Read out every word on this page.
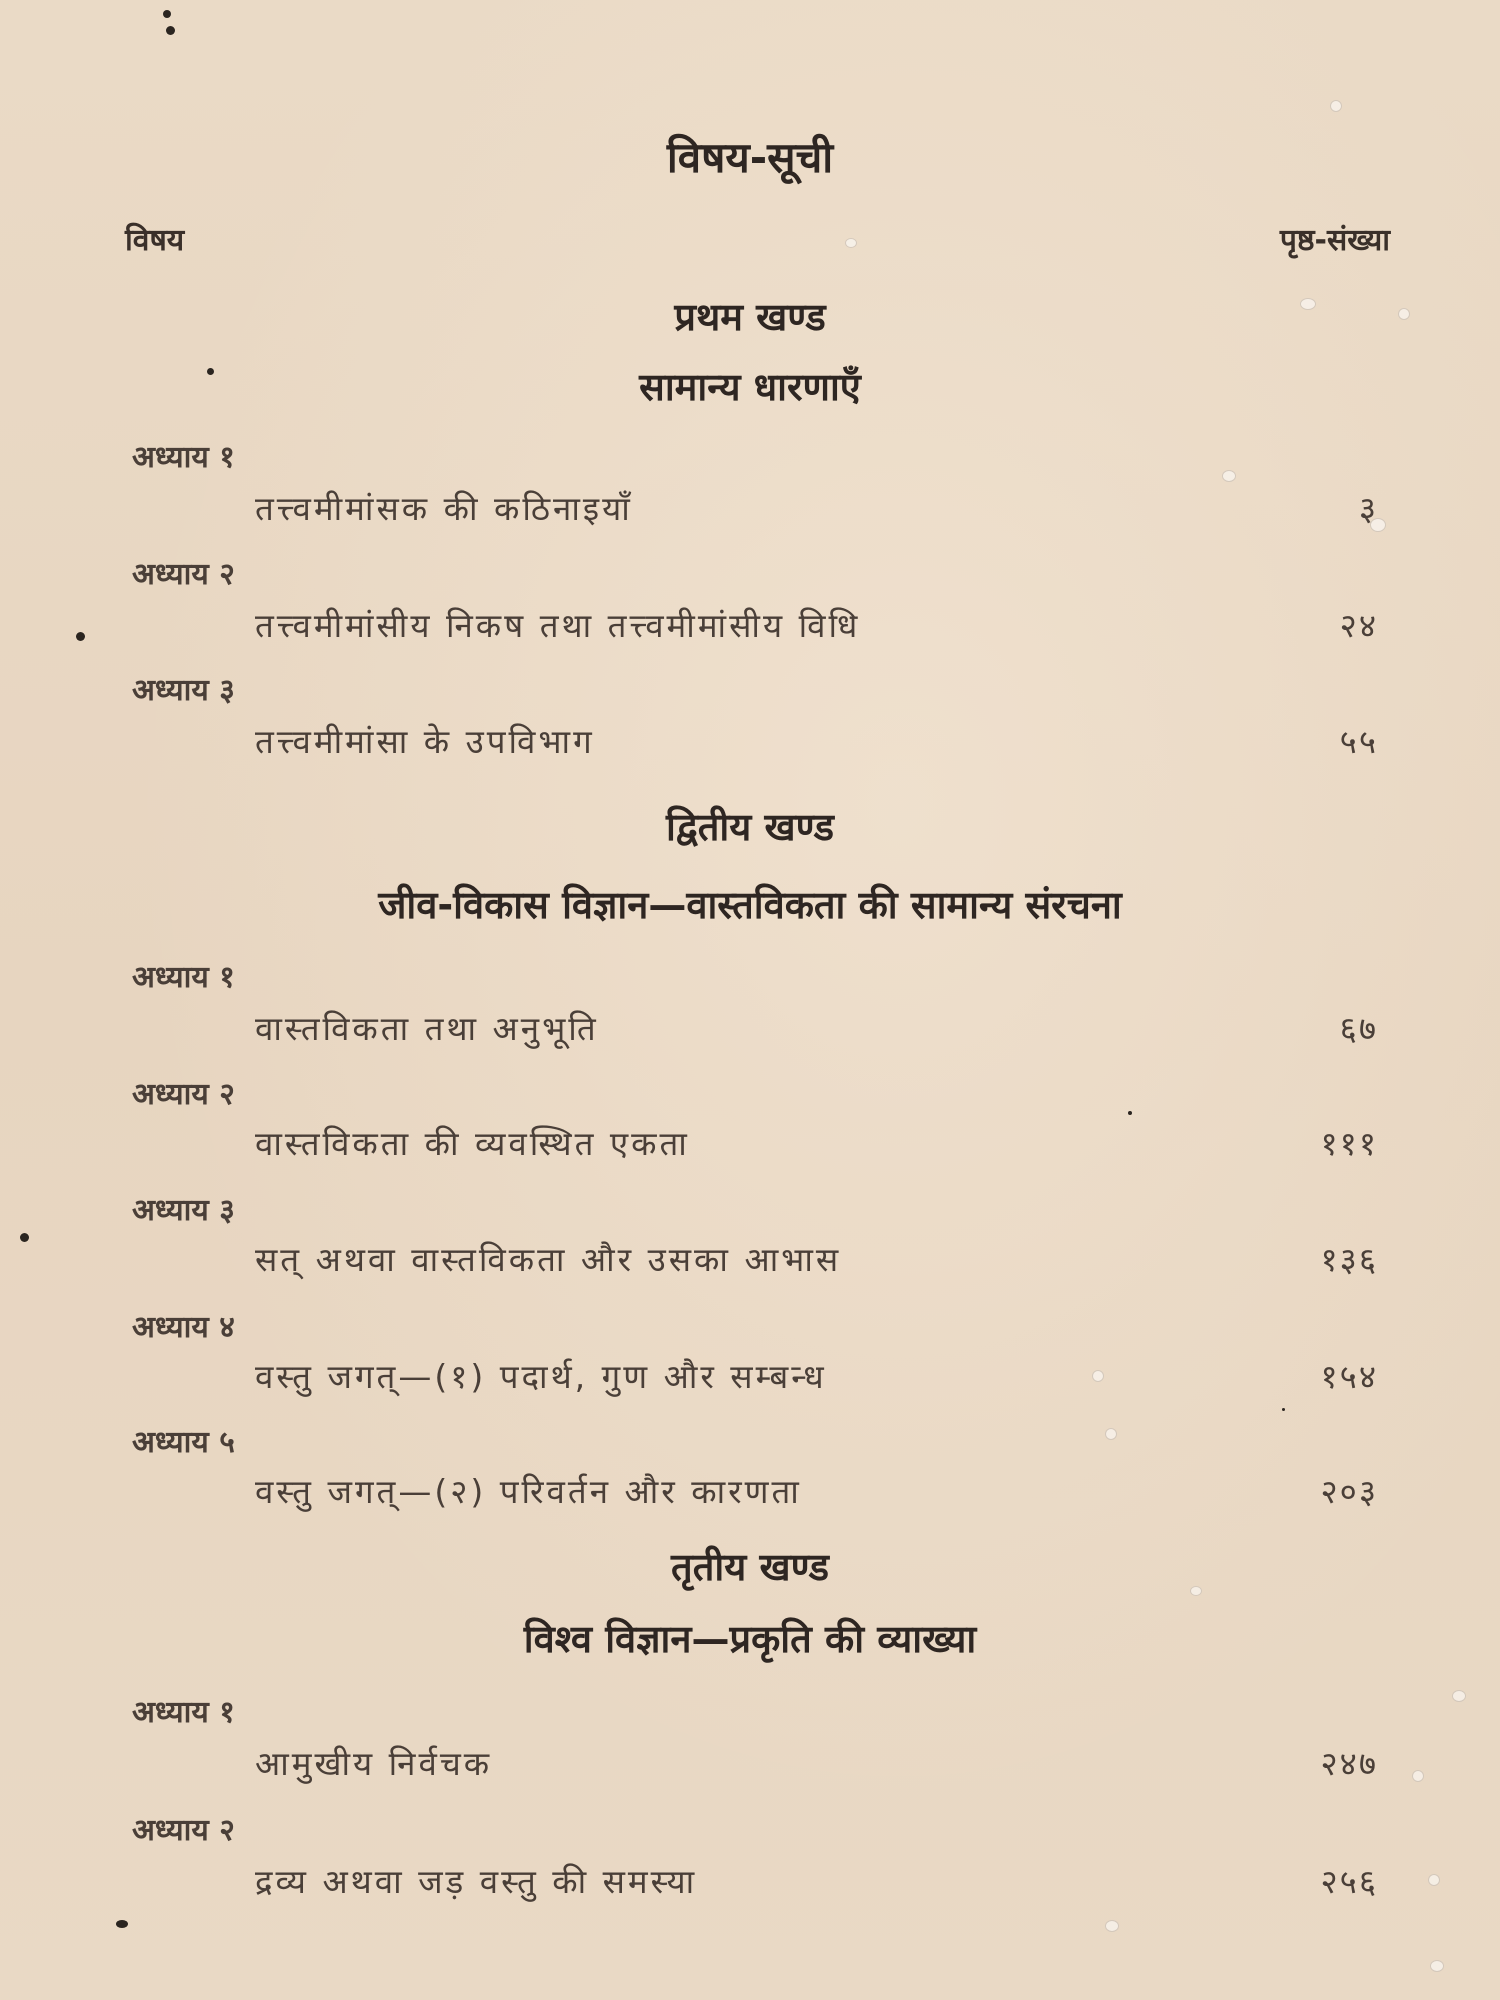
विषय-सूची
विषय	पृष्ठ-संख्या
प्रथम खण्ड
सामान्य धारणाएँ
अध्याय १
तत्त्वमीमांसक की कठिनाइयाँ	३
अध्याय २
तत्त्वमीमांसीय निकष तथा तत्त्वमीमांसीय विधि	२४
अध्याय ३
तत्त्वमीमांसा के उपविभाग	५५
द्वितीय खण्ड
जीव-विकास विज्ञान—वास्तविकता की सामान्य संरचना
अध्याय १
वास्तविकता तथा अनुभूति	६७
अध्याय २
वास्तविकता की व्यवस्थित एकता	१११
अध्याय ३
सत् अथवा वास्तविकता और उसका आभास	१३६
अध्याय ४
वस्तु जगत्—(१) पदार्थ, गुण और सम्बन्ध	१५४
अध्याय ५
वस्तु जगत्—(२) परिवर्तन और कारणता	२०३
तृतीय खण्ड
विश्व विज्ञान—प्रकृति की व्याख्या
अध्याय १
आमुखीय निर्वचक	२४७
अध्याय २
द्रव्य अथवा जड़ वस्तु की समस्या	२५६
